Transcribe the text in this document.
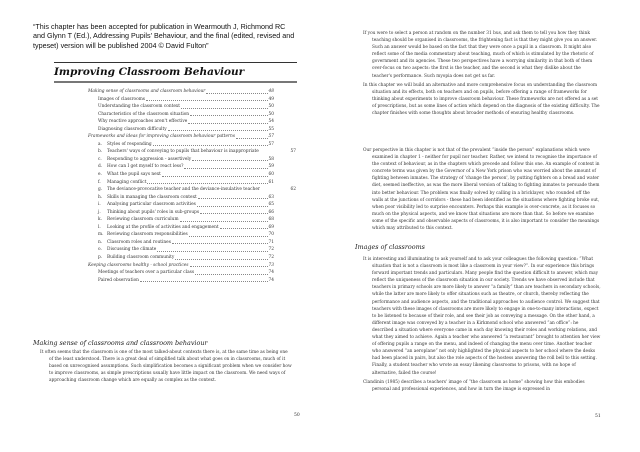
“This chapter has been accepted for publication in Wearmouth J, Richmond RC and Glynn T (Ed.), Addressing Pupils' Behaviour, and the final (edited, revised and typeset) version will be published 2004 © David Fulton”
Improving Classroom Behaviour
Making sense of classrooms and classroom behaviour	48
Images of classrooms	49
Understanding the classroom context	50
Characteristics of the classroom situation	50
Why reactive approaches aren't effective	54
Diagnosing classroom difficulty	55
Frameworks and ideas for improving classroom behaviour patterns	57
a. Styles of responding	57
b. Teachers' ways of conveying to pupils that behaviour is inappropriate	57
c. Responding to aggression - assertively	58
d. How can I get myself to react less?	59
e. What the pupil says next	60
f. Managing conflict	61
g. The deviance-provocative teacher and the deviance-insulative teacher	62
h. Skills in managing the classroom context	63
i. Analysing particular classroom activities	65
j. Thinking about pupils' roles in sub-groups	66
k. Reviewing classroom curriculum	68
l. Looking at the profile of activities and engagement	69
m. Reviewing classroom responsibilities	70
n. Classroom roles and routines	71
o. Discussing the climate	72
p. Building classroom community	72
Keeping classrooms healthy - school practices	73
Meetings of teachers over a particular class	74
Paired observation	74
Making sense of classrooms and classroom behaviour

It often seems that the classroom is one of the most talked-about contexts there is, at the same time as being one of the least understood. There is a great deal of simplified talk about what goes on in classrooms, much of it based on unrecognised assumptions. Such simplification becomes a significant problem when we consider how to improve classrooms, as simple prescriptions usually have little impact on the classroom. We need ways of approaching classroom change which are equally as complex as the context.

50

If you were to select a person at random on the number 31 bus, and ask them to tell you how they think teaching should be organised in classrooms, the frightening fact is that they might give you an answer. Such an answer would be based on the fact that they were once a pupil in a classroom. It might also reflect some of the media commentary about teaching, much of which is stimulated by the rhetoric of government and its agencies. These two perspectives have a worrying similarity in that both of them over-focus on two aspects: the first is the teacher, and the second is what they dislike about the teacher's performance. Such myopia does not get us far.

In this chapter we will build an alternative and more comprehensive focus on understanding the classroom situation and its effects, both on teachers and on pupils, before offering a range of frameworks for thinking about experiments to improve classroom behaviour. These frameworks are not offered as a set of prescriptions, but as some lines of action which depend on the diagnosis of the existing difficulty. The chapter finishes with some thoughts about broader methods of ensuring healthy classrooms.

Our perspective in this chapter is not that of the prevalent “inside the person” explanations which were examined in chapter 1 - neither for pupil nor teacher. Rather, we intend to recognise the importance of the context of behaviour, as in the chapters which precede and follow this one. An example of context in concrete terms was given by the Governor of a New York prison who was worried about the amount of fighting between inmates. The strategy of 'change the person', by putting fighters on a bread and water diet, seemed ineffective, as was the more liberal version of talking to fighting inmates to persuade them into better behaviour. The problem was finally solved by calling in a bricklayer, who rounded off the walls at the junctions of corridors - these had been identified as the situations where fighting broke out, when poor visibility led to surprise encounters. Perhaps this example is over-concrete, as it focuses so much on the physical aspects, and we know that situations are more than that. So before we examine some of the specific and observable aspects of classrooms, it is also important to consider the meanings which may attributed to this context.

Images of classrooms

It is interesting and illuminating to ask yourself and to ask your colleagues the following question: “What situation that is not a classroom is most like a classroom in your view?”. In our experience this brings forward important trends and particulars. Many people find the question difficult to answer, which may reflect the uniqueness of the classroom situation in our society. Trends we have observed include that teachers in primary schools are more likely to answer “a family” than are teachers in secondary schools, while the latter are more likely to offer situations such as theatre, or church, thereby reflecting the performance and audience aspects, and the traditional approaches to audience control. We suggest that teachers with these images of classrooms are more likely to engage in one-to-many interactions, expect to be listened to because of their role, and see their job as conveying a message. On the other hand, a different image was conveyed by a teacher in a Kirkmond school who answered “an office”: he described a situation where everyone came in each day knowing their roles and working relations, and what they aimed to achieve. Again a teacher who answered “a restaurant” brought to attention her view of offering pupils a range on the menu, and indeed of changing the menu over time. Another teacher who answered “an aeroplane” not only highlighted the physical aspects to her school where the desks had been placed in pairs, but also the role aspects of the hostess answering the roll bell to this setting. Finally, a student teacher who wrote an essay likening classrooms to prisons, with no hope of alternative, failed the course!

Clandinin (1985) describes a teachers' image of “the classroom as home” showing how this embodies personal and professional experiences, and how in turn the image is expressed in

51
